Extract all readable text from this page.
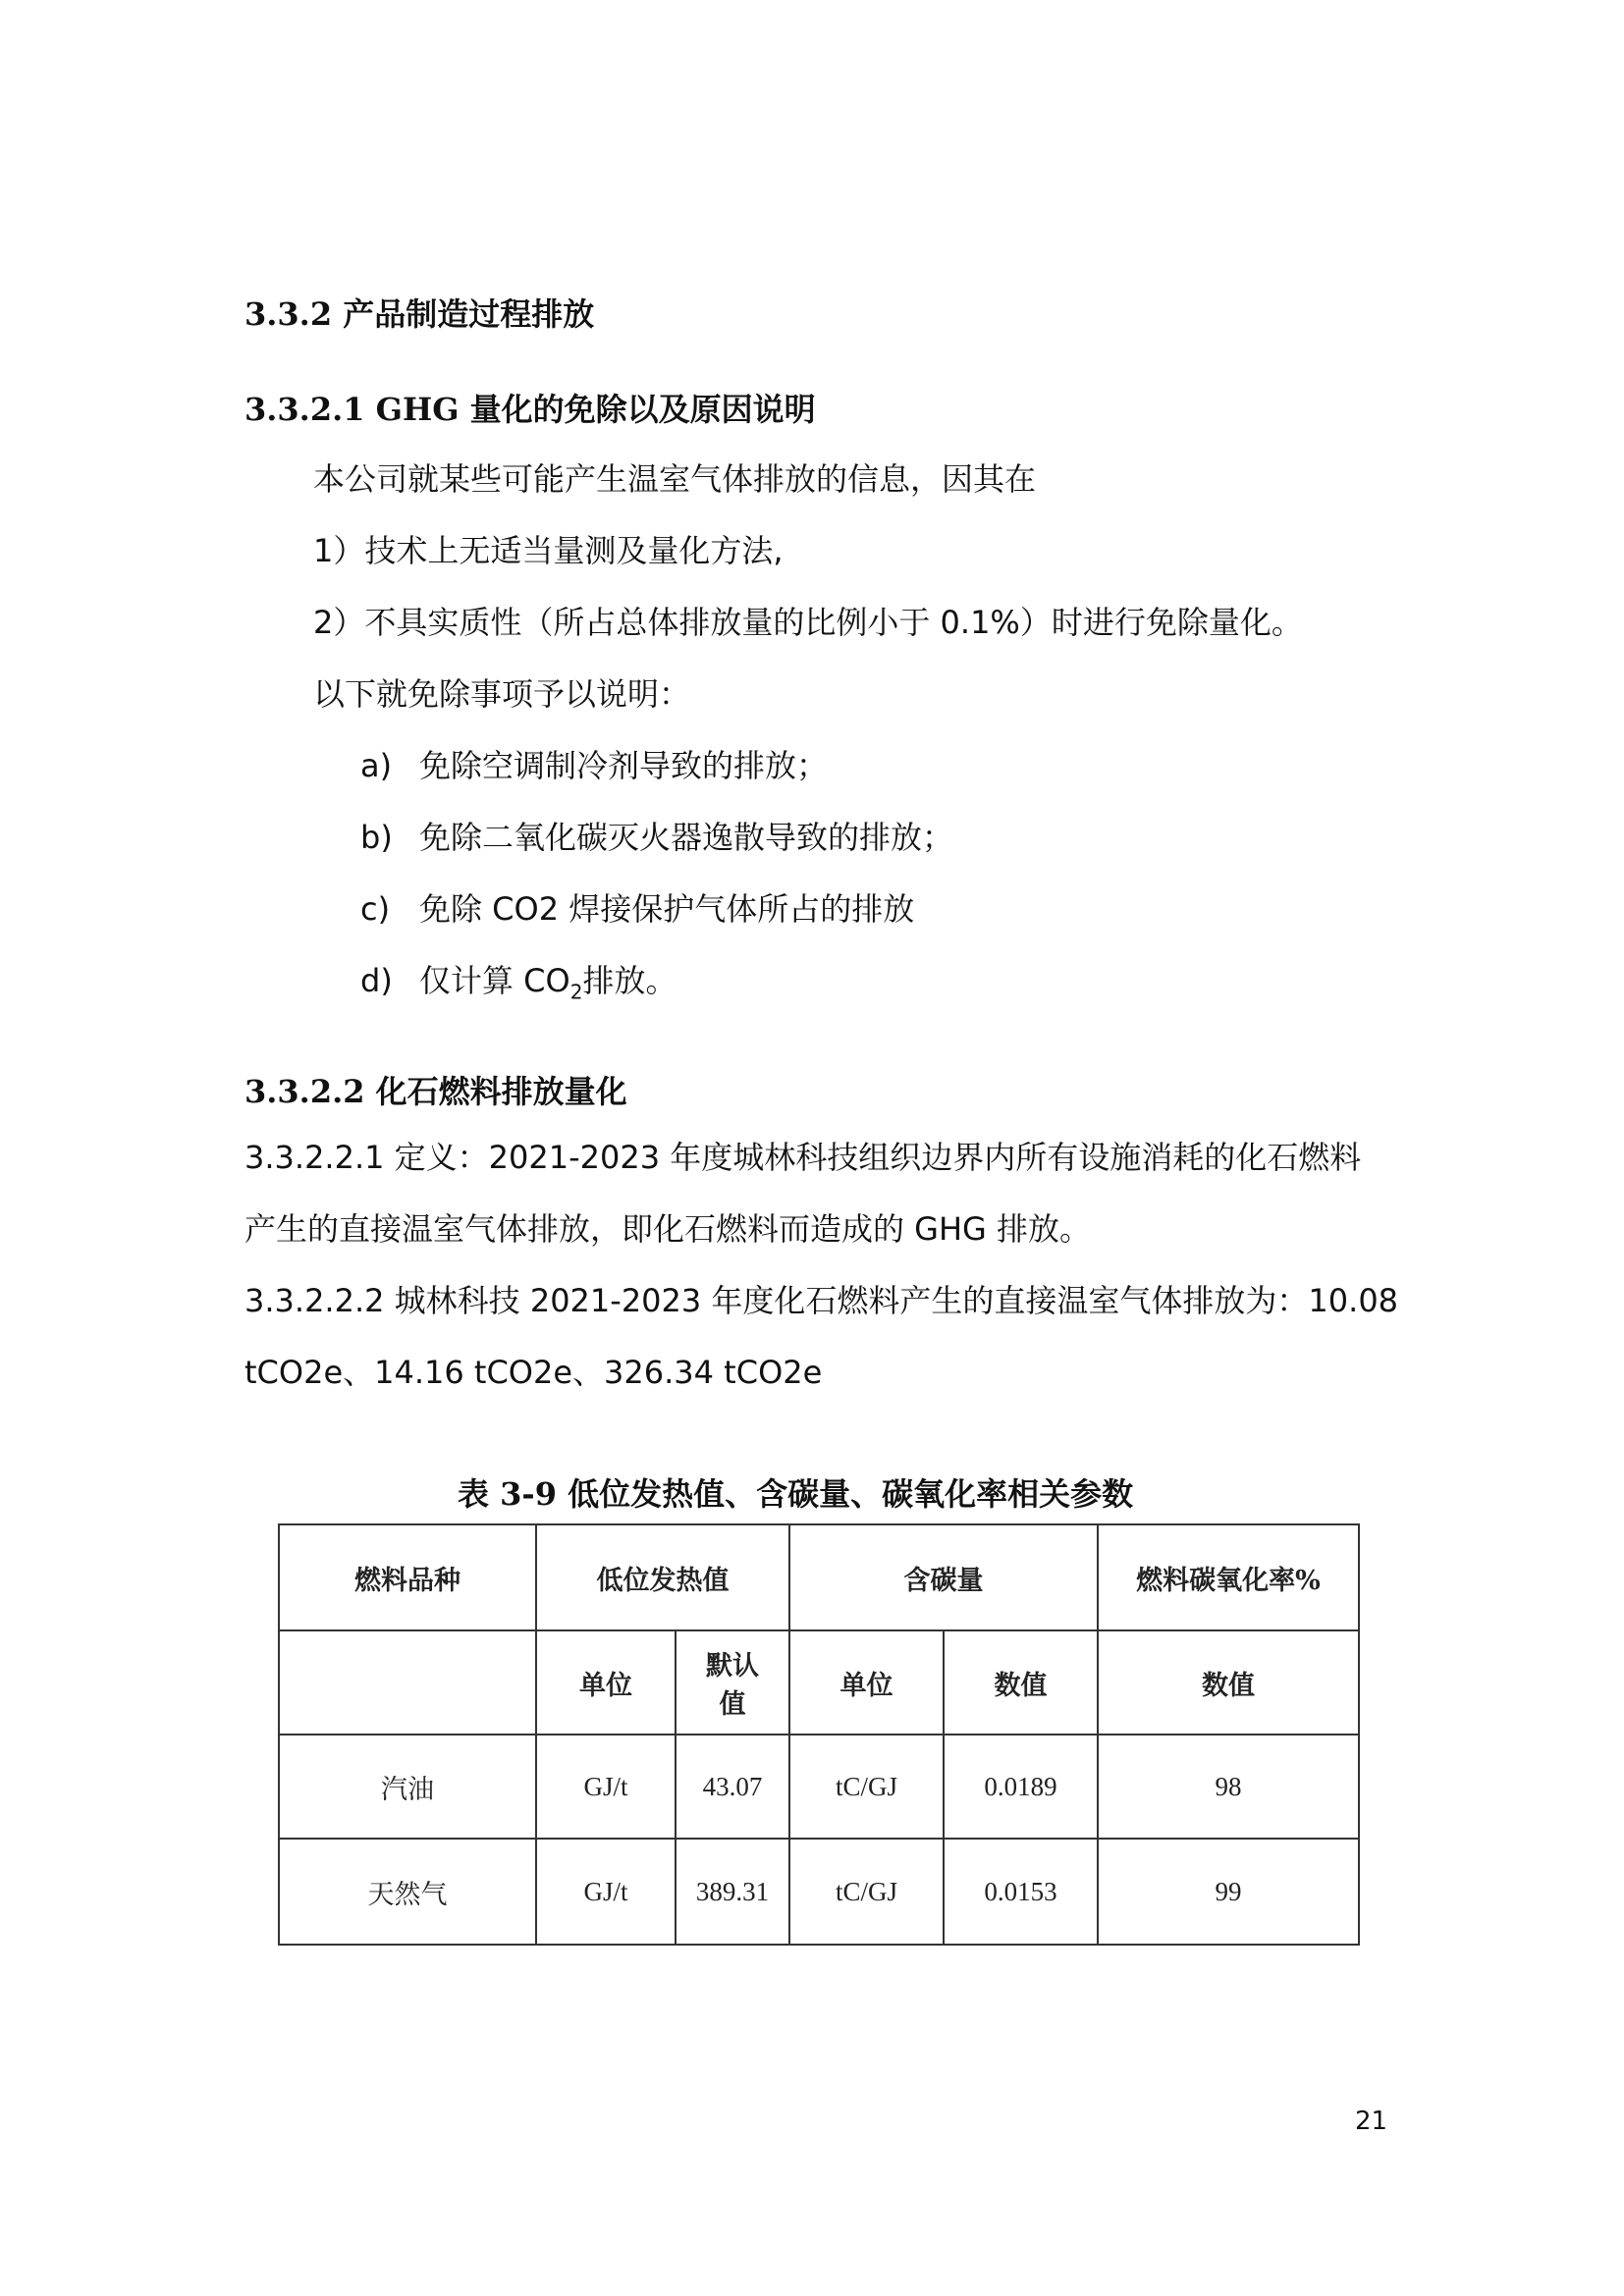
3.3.2 产品制造过程排放
3.3.2.1 GHG 量化的免除以及原因说明
本公司就某些可能产生温室气体排放的信息，因其在
1）技术上无适当量测及量化方法,
2）不具实质性（所占总体排放量的比例小于 0.1%）时进行免除量化。
以下就免除事项予以说明：
a) 免除空调制冷剂导致的排放；
b) 免除二氧化碳灭火器逸散导致的排放；
c) 免除 CO2 焊接保护气体所占的排放
d) 仅计算 $CO_2$排放。
3.3.2.2 化石燃料排放量化
3.3.2.2.1 定义：2021-2023 年度城林科技组织边界内所有设施消耗的化石燃料
产生的直接温室气体排放，即化石燃料而造成的 GHG 排放。
3.3.2.2.2 城林科技 2021-2023 年度化石燃料产生的直接温室气体排放为：10.08
tCO2e、14.16 tCO2e、326.34 tCO2e
表 3-9 低位发热值、含碳量、碳氧化率相关参数
燃料品种	低位发热值		含碳量		燃料碳氧化率%
	单位	默认
值	单位	数值	数值
汽油	GJ/t	43.07	tC/GJ	0.0189	98
天然气	GJ/t	389.31	tC/GJ	0.0153	99
21
